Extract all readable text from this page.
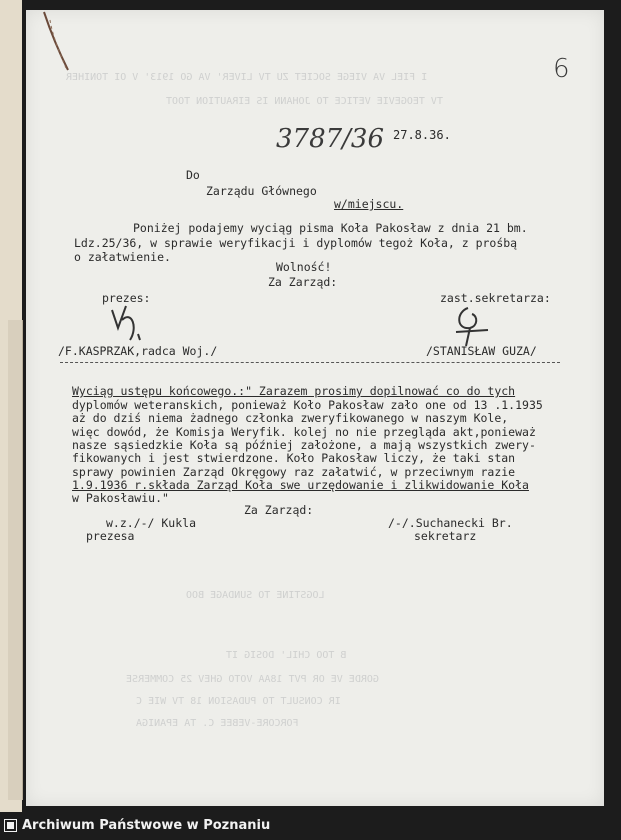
I FIEL VA VIEGE SOCIET ZU TV LIVER' VA GO 1913' V OI TONIHER
TV TEOGEVIE VETICE TO JOHANN IS EIRAUTION TOOT
LOGSTINE TO SUNDAGE BOO
B TOO CHIL' DOSIG IT
GORDE VE OR PVT 18AA VOTO GHEV 25 COMMERSE
IR CONSULT TO PUDASION 18 TV WIE C
FORCORE-VEBEE C. TA EPANIGA
6
3787/36 27.8.36.
Do
Zarządu Głównego
w/miejscu.
Poniżej podajemy wyciąg pisma Koła Pakosław z dnia 21 bm.
Ldz.25/36, w sprawie weryfikacji i dyplomów tegoż Koła, z prośbą
o załatwienie.
Wolność!
Za Zarząd:
prezes:	zast.sekretarza:
/F.KASPRZAK,radca Woj./	/STANISŁAW GUZA/
Wyciąg ustępu końcowego.:" Zarazem prosimy dopilnować co do tych
dyplomów weteranskich, ponieważ Koło Pakosław zało one od 13 .1.1935
aż do dziś niema żadnego członka zweryfikowanego w naszym Kole,
więc dowód, że Komisja Weryfik. kolej no nie przegląda akt,ponieważ
nasze sąsiedzkie Koła są później założone, a mają wszystkich zwery-
fikowanych i jest stwierdzone. Koło Pakosław liczy, że taki stan
sprawy powinien Zarząd Okręgowy raz załatwić, w przeciwnym razie
1.9.1936 r.składa Zarząd Koła swe urzędowanie i zlikwidowanie Koła
w Pakosławiu."
Za Zarząd:
w.z./-/ Kukla	/-/.Suchanecki Br.
prezesa	sekretarz
Archiwum Państwowe w Poznaniu
